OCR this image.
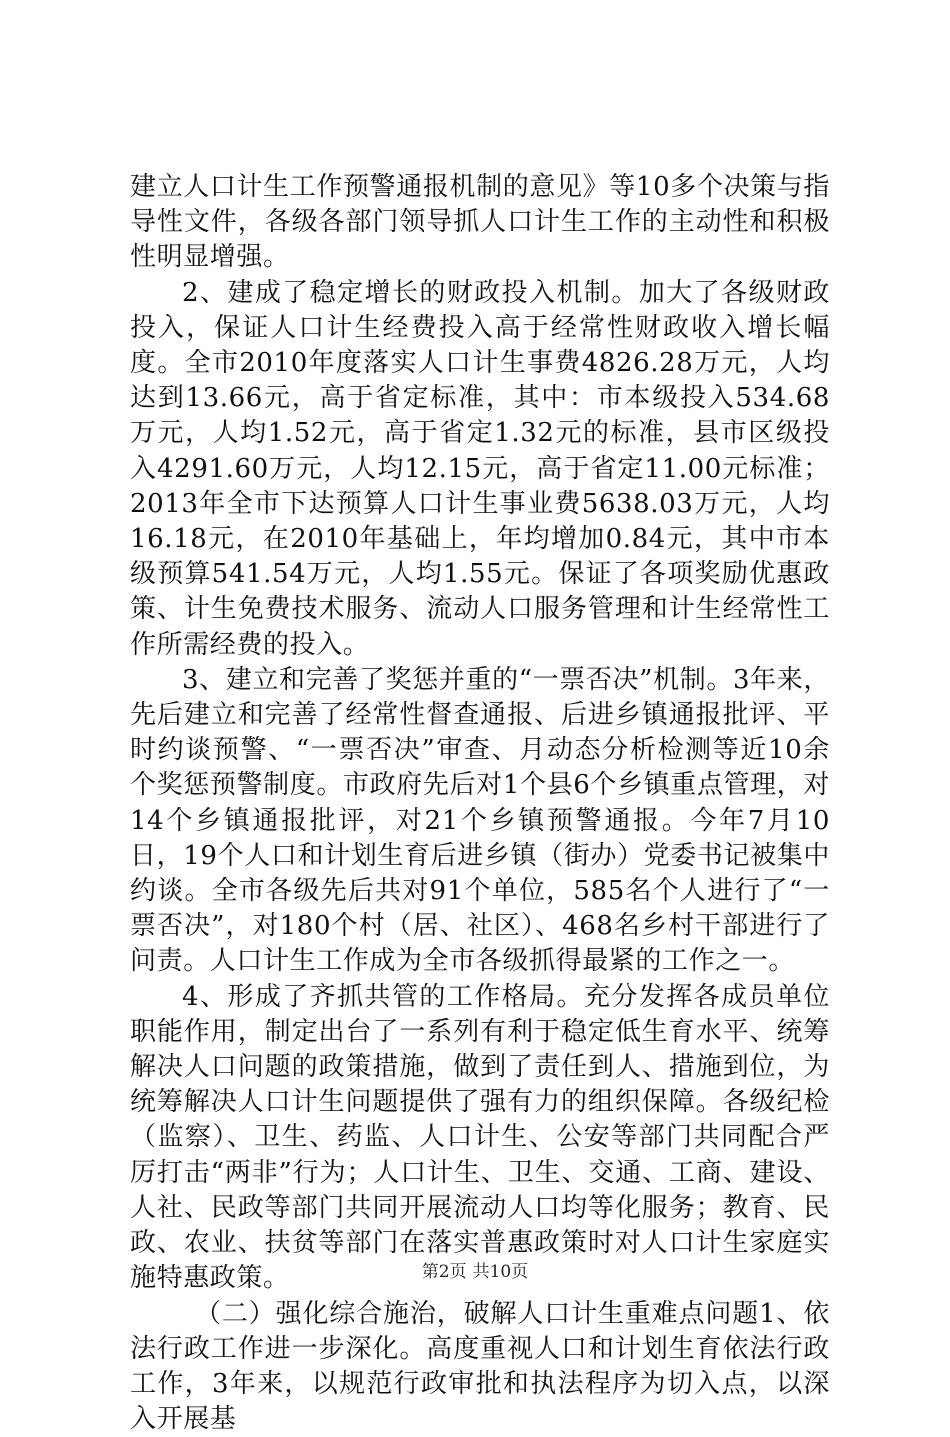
建立人口计生工作预警通报机制的意见》等10多个决策与指导性文件，各级各部门领导抓人口计生工作的主动性和积极性明显增强。

2、建成了稳定增长的财政投入机制。加大了各级财政投入，保证人口计生经费投入高于经常性财政收入增长幅度。全市2010年度落实人口计生事费4826.28万元，人均达到13.66元，高于省定标准，其中：市本级投入534.68万元，人均1.52元，高于省定1.32元的标准，县市区级投入4291.60万元，人均12.15元，高于省定11.00元标准；2013年全市下达预算人口计生事业费5638.03万元，人均16.18元，在2010年基础上，年均增加0.84元，其中市本级预算541.54万元，人均1.55元。保证了各项奖励优惠政策、计生免费技术服务、流动人口服务管理和计生经常性工作所需经费的投入。

3、建立和完善了奖惩并重的“一票否决”机制。3年来，先后建立和完善了经常性督查通报、后进乡镇通报批评、平时约谈预警、“一票否决”审查、月动态分析检测等近10余个奖惩预警制度。市政府先后对1个县6个乡镇重点管理，对14个乡镇通报批评，对21个乡镇预警通报。今年7月10日，19个人口和计划生育后进乡镇（街办）党委书记被集中约谈。全市各级先后共对91个单位，585名个人进行了“一票否决”，对180个村（居、社区）、468名乡村干部进行了问责。人口计生工作成为全市各级抓得最紧的工作之一。

4、形成了齐抓共管的工作格局。充分发挥各成员单位职能作用，制定出台了一系列有利于稳定低生育水平、统筹解决人口问题的政策措施，做到了责任到人、措施到位，为统筹解决人口计生问题提供了强有力的组织保障。各级纪检（监察）、卫生、药监、人口计生、公安等部门共同配合严厉打击“两非”行为；人口计生、卫生、交通、工商、建设、人社、民政等部门共同开展流动人口均等化服务；教育、民政、农业、扶贫等部门在落实普惠政策时对人口计生家庭实施特惠政策。

（二）强化综合施治，破解人口计生重难点问题1、依法行政工作进一步深化。高度重视人口和计划生育依法行政工作，3年来，以规范行政审批和执法程序为切入点，以深入开展基

第2页 共10页
